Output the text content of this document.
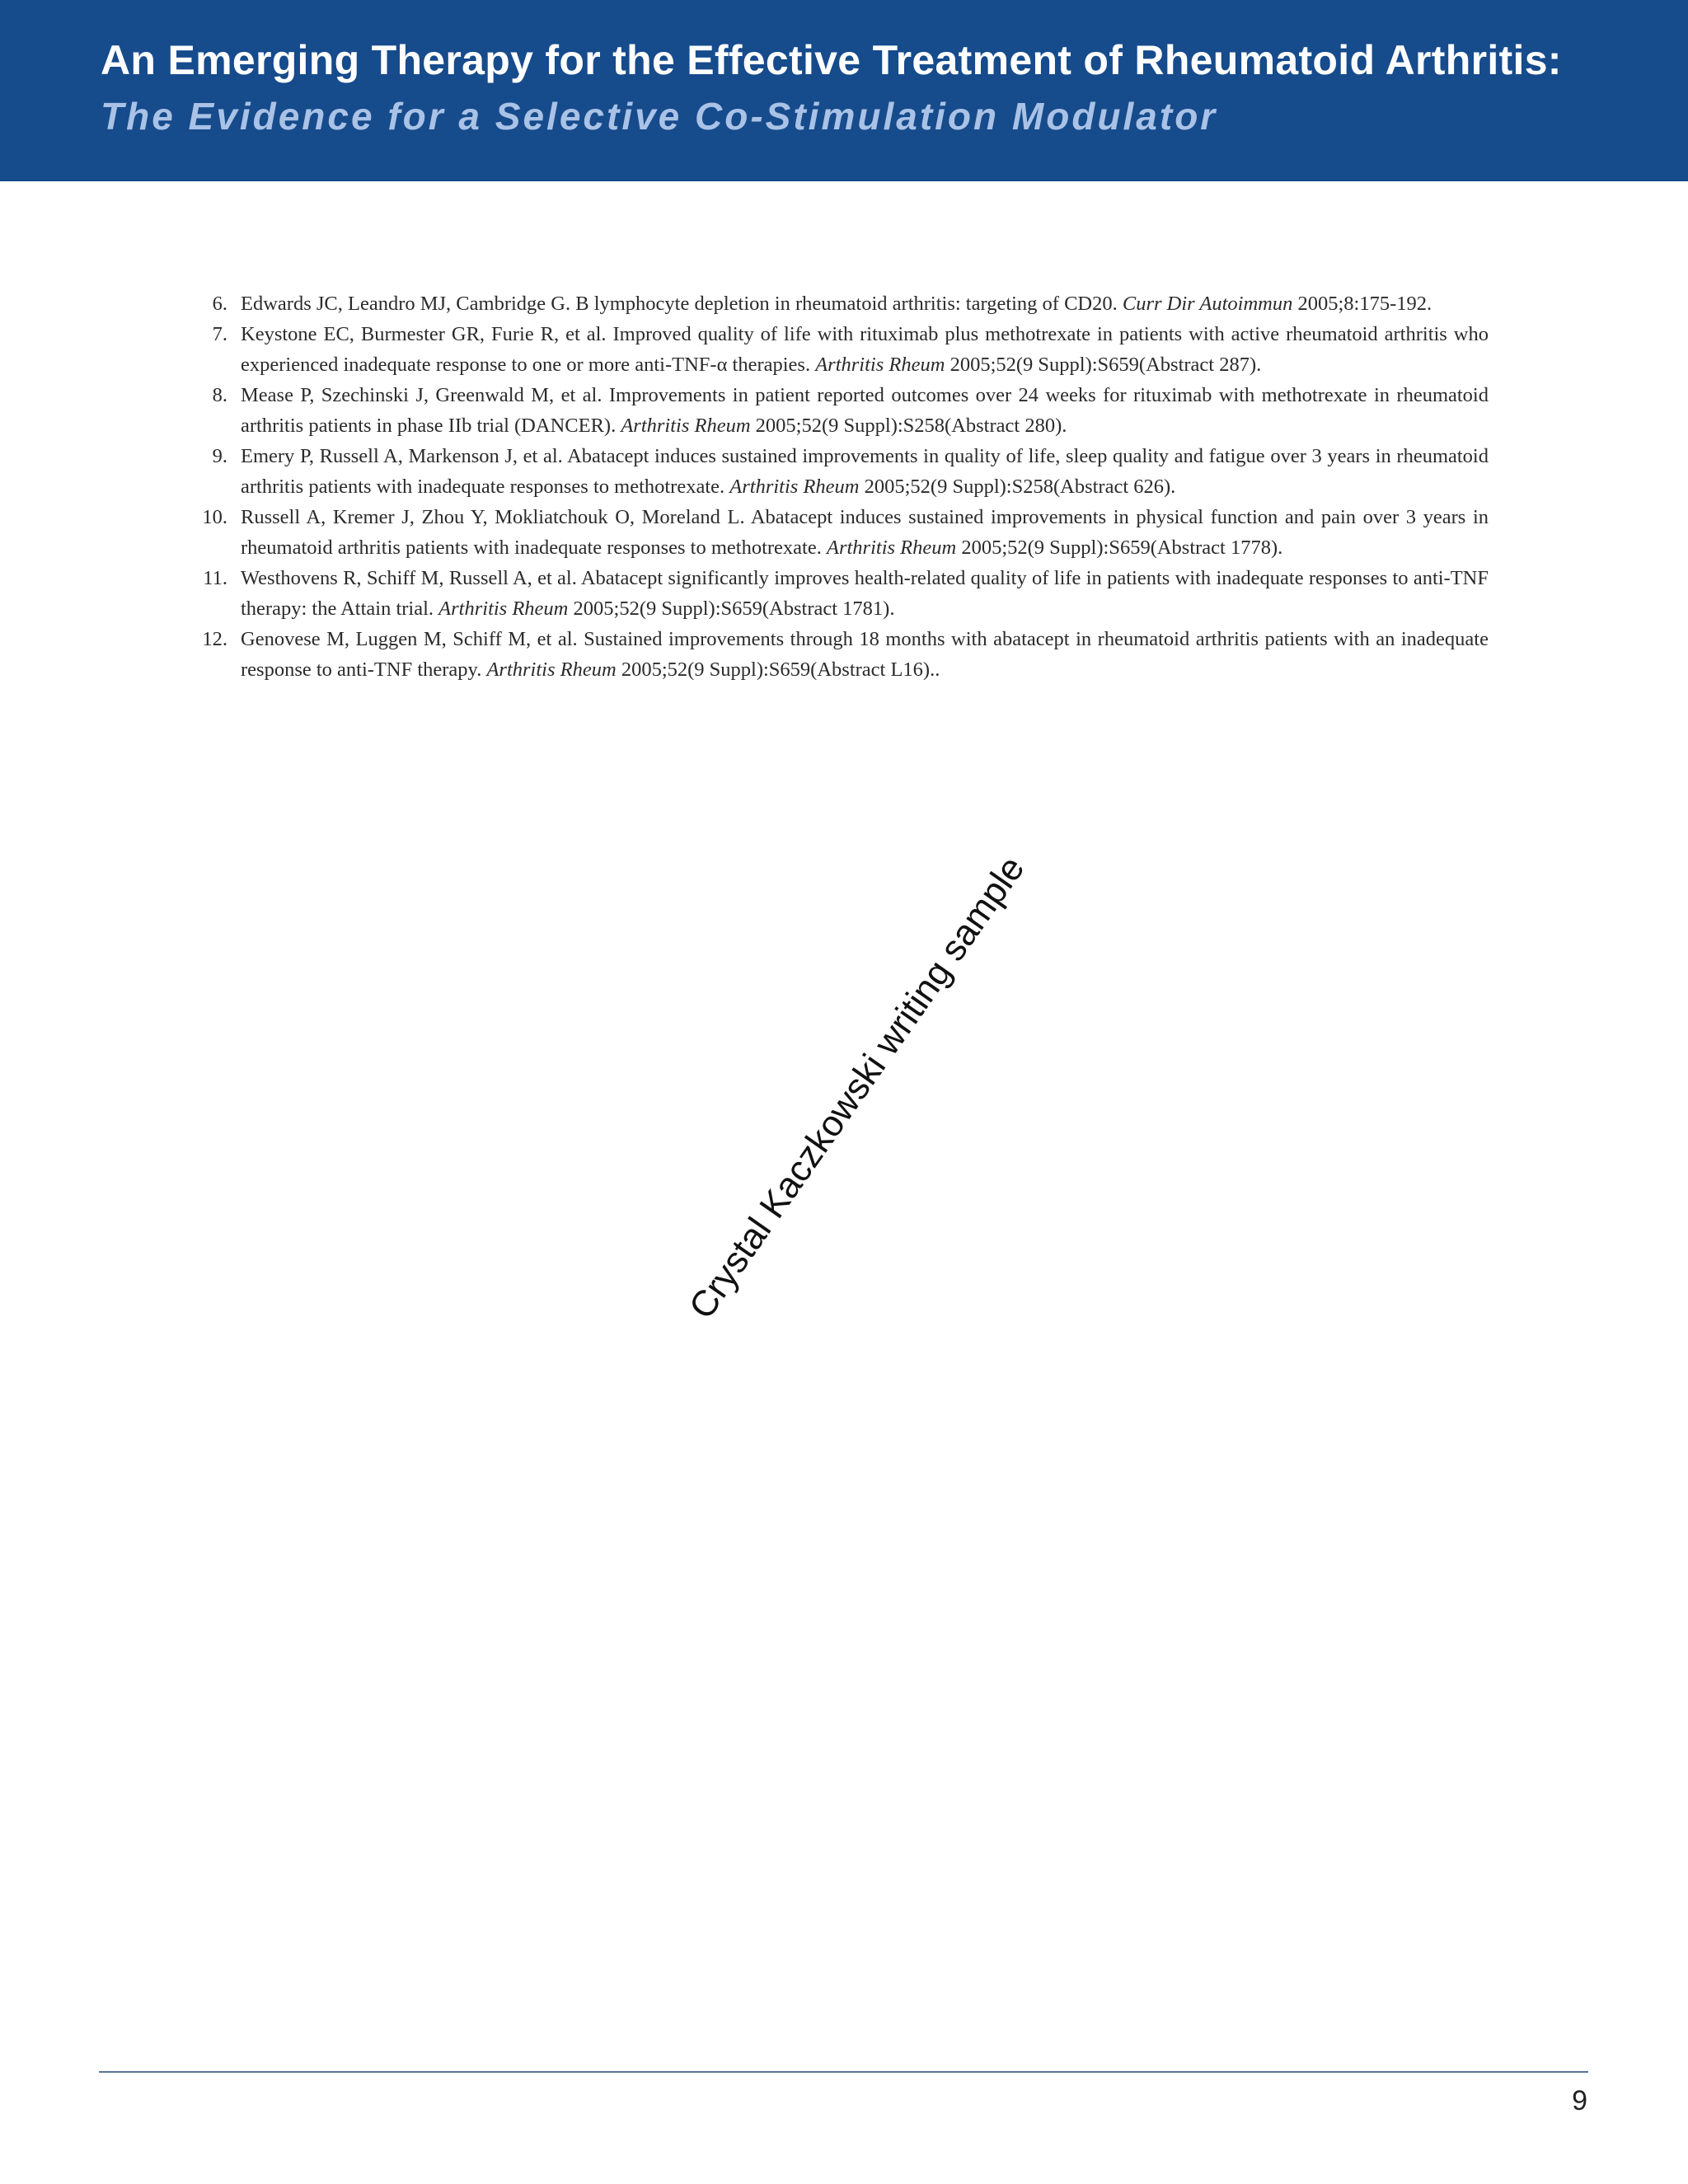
An Emerging Therapy for the Effective Treatment of Rheumatoid Arthritis:
The Evidence for a Selective Co-Stimulation Modulator
6. Edwards JC, Leandro MJ, Cambridge G. B lymphocyte depletion in rheumatoid arthritis: targeting of CD20. Curr Dir Autoimmun 2005;8:175-192.
7. Keystone EC, Burmester GR, Furie R, et al. Improved quality of life with rituximab plus methotrexate in patients with active rheumatoid arthritis who experienced inadequate response to one or more anti-TNF-α therapies. Arthritis Rheum 2005;52(9 Suppl):S659(Abstract 287).
8. Mease P, Szechinski J, Greenwald M, et al. Improvements in patient reported outcomes over 24 weeks for rituximab with methotrexate in rheumatoid arthritis patients in phase IIb trial (DANCER). Arthritis Rheum 2005;52(9 Suppl):S258(Abstract 280).
9. Emery P, Russell A, Markenson J, et al. Abatacept induces sustained improvements in quality of life, sleep quality and fatigue over 3 years in rheumatoid arthritis patients with inadequate responses to methotrexate. Arthritis Rheum 2005;52(9 Suppl):S258(Abstract 626).
10. Russell A, Kremer J, Zhou Y, Mokliatchouk O, Moreland L. Abatacept induces sustained improvements in physical function and pain over 3 years in rheumatoid arthritis patients with inadequate responses to methotrexate. Arthritis Rheum 2005;52(9 Suppl):S659(Abstract 1778).
11. Westhovens R, Schiff M, Russell A, et al. Abatacept significantly improves health-related quality of life in patients with inadequate responses to anti-TNF therapy: the Attain trial. Arthritis Rheum 2005;52(9 Suppl):S659(Abstract 1781).
12. Genovese M, Luggen M, Schiff M, et al. Sustained improvements through 18 months with abatacept in rheumatoid arthritis patients with an inadequate response to anti-TNF therapy. Arthritis Rheum 2005;52(9 Suppl):S659(Abstract L16)..
Crystal Kaczkowski writing sample
9
